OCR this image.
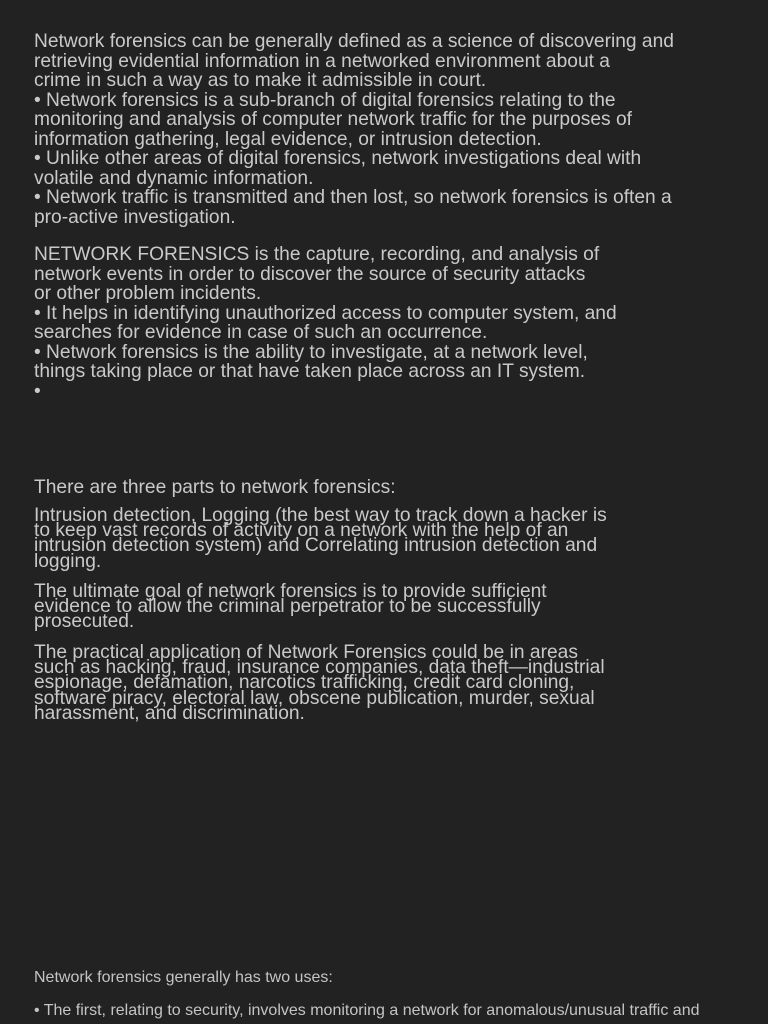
Network forensics can be generally defined as a science of discovering and
retrieving evidential information in a networked environment about a
crime in such a way as to make it admissible in court.
• Network forensics is a sub-branch of digital forensics relating to the
monitoring and analysis of computer network traffic for the purposes of
information gathering, legal evidence, or intrusion detection.
• Unlike other areas of digital forensics, network investigations deal with
volatile and dynamic information.
• Network traffic is transmitted and then lost, so network forensics is often a
pro-active investigation.
NETWORK FORENSICS is the capture, recording, and analysis of
network events in order to discover the source of security attacks
or other problem incidents.
• It helps in identifying unauthorized access to computer system, and
searches for evidence in case of such an occurrence.
• Network forensics is the ability to investigate, at a network level,
things taking place or that have taken place across an IT system.
•
There are three parts to network forensics:
Intrusion detection, Logging (the best way to track down a hacker is
to keep vast records of activity on a network with the help of an
intrusion detection system) and Correlating intrusion detection and
logging.
The ultimate goal of network forensics is to provide sufficient
evidence to allow the criminal perpetrator to be successfully
prosecuted.
The practical application of Network Forensics could be in areas
such as hacking, fraud, insurance companies, data theft—industrial
espionage, defamation, narcotics trafficking, credit card cloning,
software piracy, electoral law, obscene publication, murder, sexual
harassment, and discrimination.
Network forensics generally has two uses:
• The first, relating to security, involves monitoring a network for anomalous/unusual traffic and
